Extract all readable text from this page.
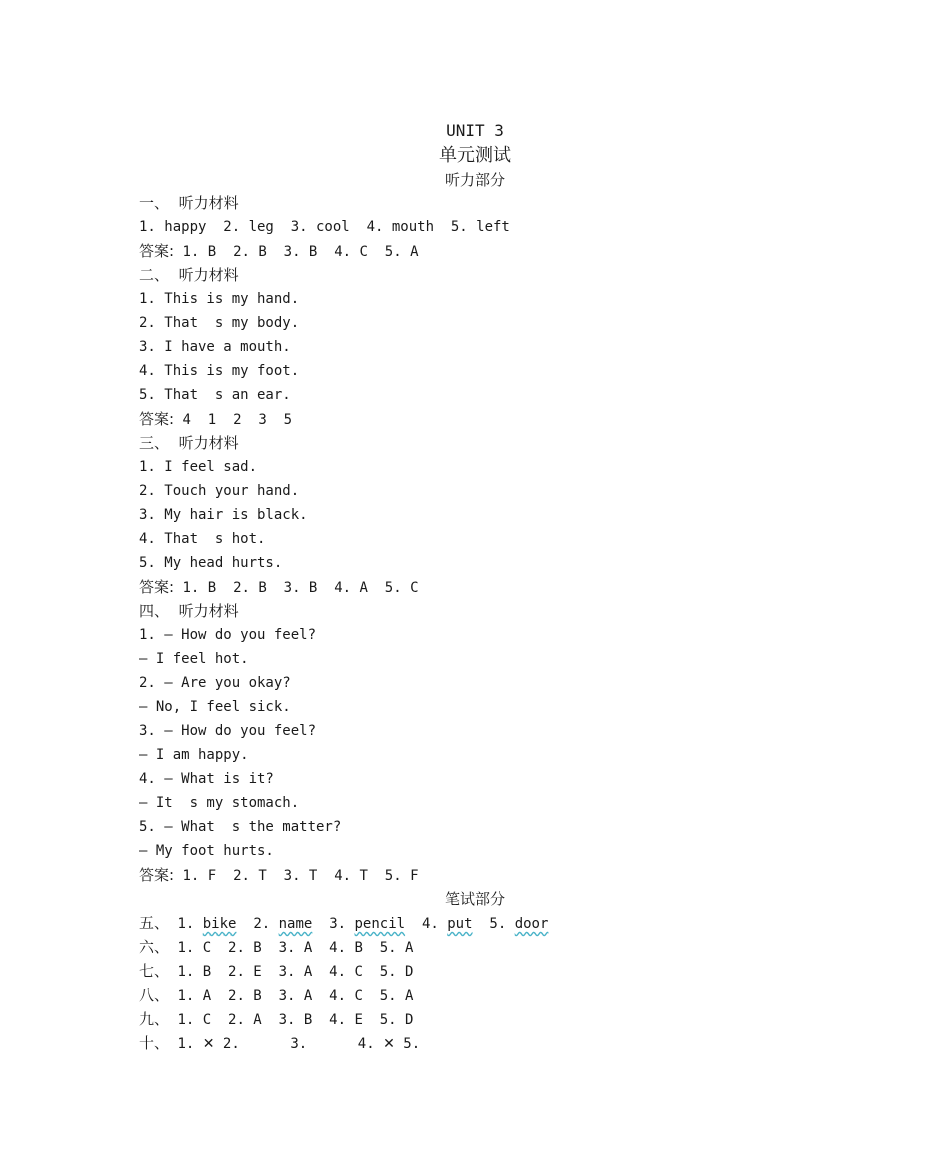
UNIT 3
单元测试
听力部分
一、 听力材料
1. happy  2. leg  3. cool  4. mouth  5. left
答案: 1. B  2. B  3. B  4. C  5. A
二、 听力材料
1. This is my hand.
2. That  s my body.
3. I have a mouth.
4. This is my foot.
5. That  s an ear.
答案: 4  1  2  3  5
三、 听力材料
1. I feel sad.
2. Touch your hand.
3. My hair is black.
4. That  s hot.
5. My head hurts.
答案: 1. B  2. B  3. B  4. A  5. C
四、 听力材料
1. — How do you feel?
— I feel hot.
2. — Are you okay?
— No, I feel sick.
3. — How do you feel?
— I am happy.
4. — What is it?
— It  s my stomach.
5. — What  s the matter?
— My foot hurts.
答案: 1. F  2. T  3. T  4. T  5. F
笔试部分
五、 1. bike 2. name 3. pencil 4. put 5. door
六、 1. C  2. B  3. A  4. B  5. A
七、 1. B  2. E  3. A  4. C  5. D
八、 1. A  2. B  3. A  4. C  5. A
九、 1. C  2. A  3. B  4. E  5. D
十、 1. ✕ 2.	3.	4. ✕ 5.
